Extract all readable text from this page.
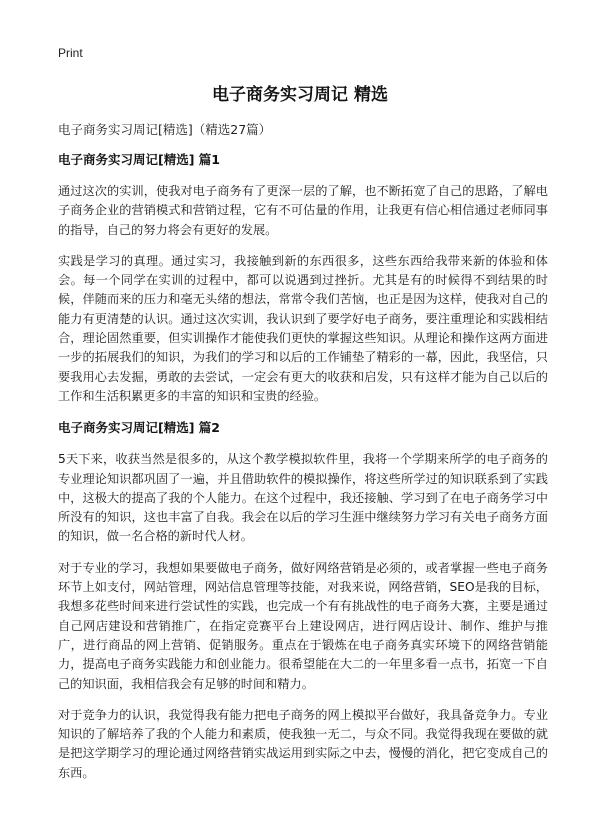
Print
电子商务实习周记 精选

电子商务实习周记[精选]（精选27篇）

电子商务实习周记[精选] 篇1

通过这次的实训，使我对电子商务有了更深一层的了解，也不断拓宽了自己的思路，了解电子商务企业的营销模式和营销过程，它有不可估量的作用，让我更有信心相信通过老师同事的指导，自己的努力将会有更好的发展。

实践是学习的真理。通过实习，我接触到新的东西很多，这些东西给我带来新的体验和体会。每一个同学在实训的过程中，都可以说遇到过挫折。尤其是有的时候得不到结果的时候，伴随而来的压力和毫无头绪的想法，常常令我们苦恼，也正是因为这样，使我对自己的能力有更清楚的认识。通过这次实训，我认识到了要学好电子商务，要注重理论和实践相结合，理论固然重要，但实训操作才能使我们更快的掌握这些知识。从理论和操作这两方面进一步的拓展我们的知识，为我们的学习和以后的工作铺垫了精彩的一幕，因此，我坚信，只要我用心去发掘，勇敢的去尝试，一定会有更大的收获和启发，只有这样才能为自己以后的工作和生活积累更多的丰富的知识和宝贵的经验。

电子商务实习周记[精选] 篇2

5天下来，收获当然是很多的，从这个教学模拟软件里，我将一个学期来所学的电子商务的专业理论知识都巩固了一遍，并且借助软件的模拟操作，将这些所学过的知识联系到了实践中，这极大的提高了我的个人能力。在这个过程中，我还接触、学习到了在电子商务学习中所没有的知识，这也丰富了自我。我会在以后的学习生涯中继续努力学习有关电子商务方面的知识，做一名合格的新时代人材。

对于专业的学习，我想如果要做电子商务，做好网络营销是必须的，或者掌握一些电子商务环节上如支付，网站管理，网站信息管理等技能，对我来说，网络营销，SEO是我的目标，我想多花些时间来进行尝试性的实践，也完成一个有有挑战性的电子商务大赛，主要是通过自己网店建设和营销推广，在指定竞赛平台上建设网店，进行网店设计、制作、维护与推广，进行商品的网上营销、促销服务。重点在于锻炼在电子商务真实环境下的网络营销能力，提高电子商务实践能力和创业能力。很希望能在大二的一年里多看一点书，拓宽一下自己的知识面，我相信我会有足够的时间和精力。

对于竞争力的认识，我觉得我有能力把电子商务的网上模拟平台做好，我具备竞争力。专业知识的了解培养了我的个人能力和素质，使我独一无二，与众不同。我觉得我现在要做的就是把这学期学习的理论通过网络营销实战运用到实际之中去，慢慢的消化，把它变成自己的东西。
